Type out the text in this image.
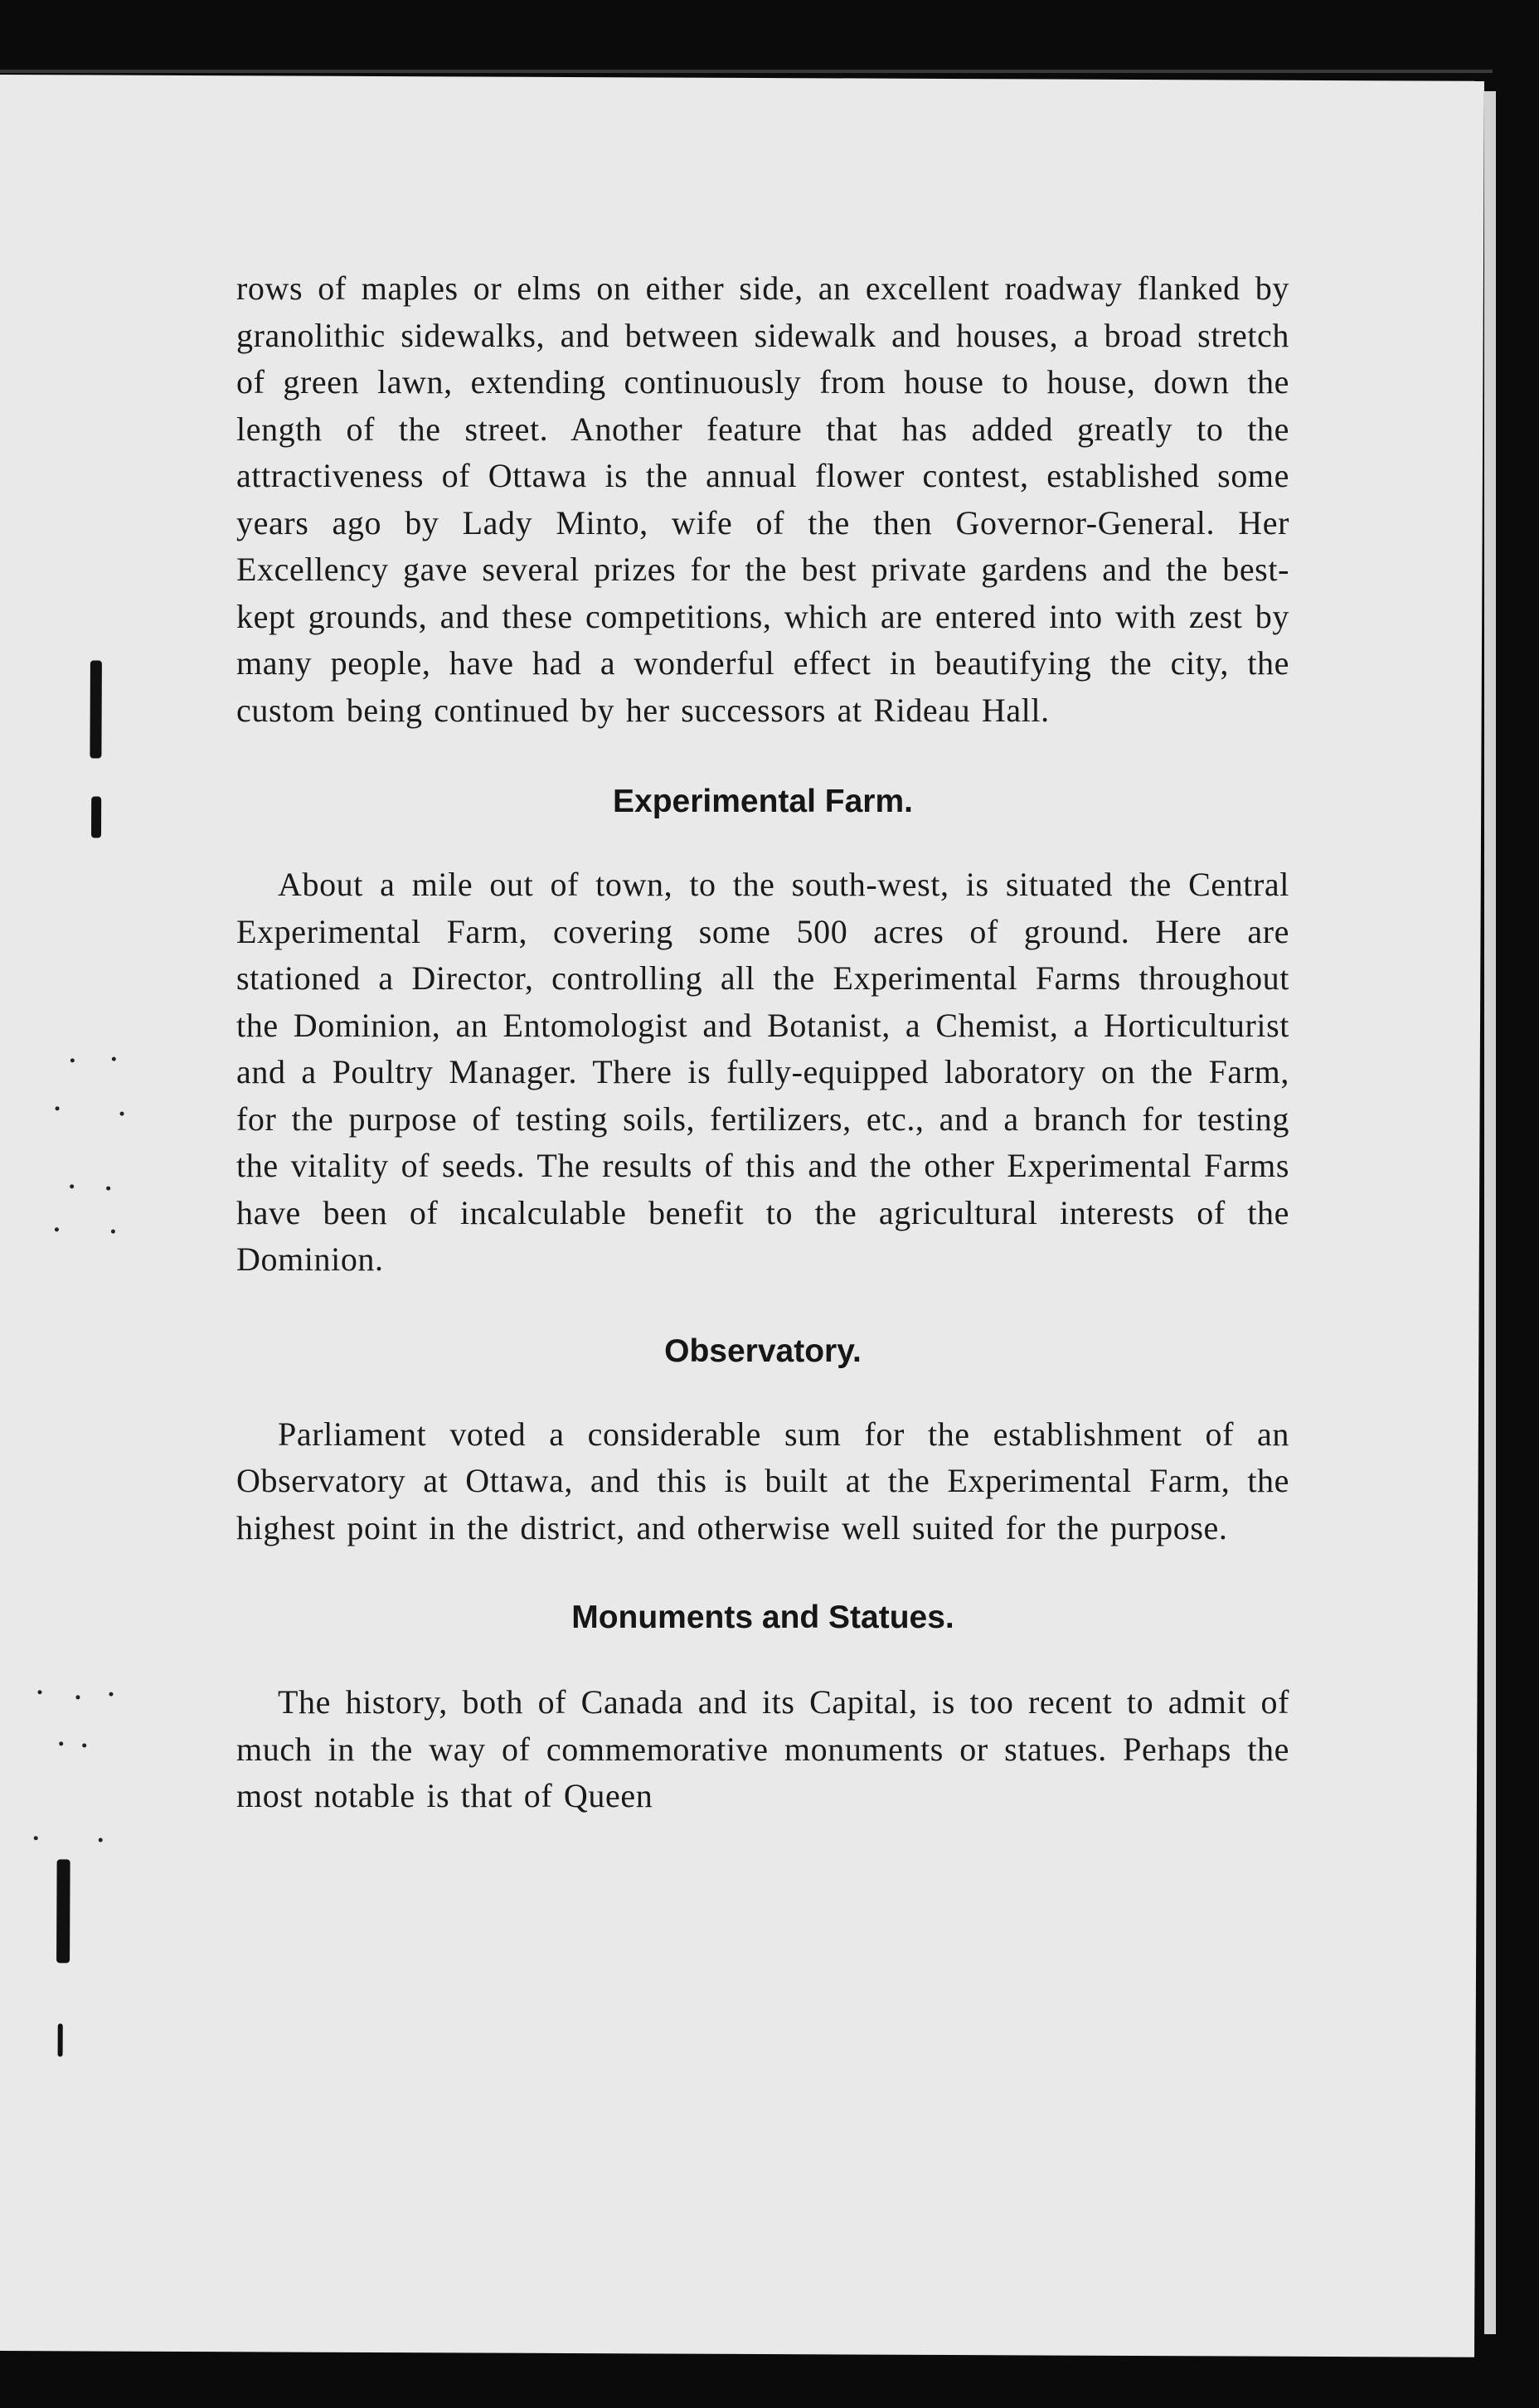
rows of maples or elms on either side, an excellent roadway flanked by granolithic sidewalks, and between sidewalk and houses, a broad stretch of green lawn, extending continuously from house to house, down the length of the street. Another feature that has added greatly to the attractiveness of Ottawa is the annual flower contest, established some years ago by Lady Minto, wife of the then Governor-General. Her Excellency gave several prizes for the best private gardens and the best-kept grounds, and these competitions, which are entered into with zest by many people, have had a wonderful effect in beautifying the city, the custom being continued by her successors at Rideau Hall.

Experimental Farm.

About a mile out of town, to the south-west, is situated the Central Experimental Farm, covering some 500 acres of ground. Here are stationed a Director, controlling all the Experimental Farms throughout the Dominion, an Entomologist and Botanist, a Chemist, a Horticulturist and a Poultry Manager. There is fully-equipped laboratory on the Farm, for the purpose of testing soils, fertilizers, etc., and a branch for testing the vitality of seeds. The results of this and the other Experimental Farms have been of incalculable benefit to the agricultural interests of the Dominion.

Observatory.

Parliament voted a considerable sum for the establishment of an Observatory at Ottawa, and this is built at the Experimental Farm, the highest point in the district, and otherwise well suited for the purpose.

Monuments and Statues.

The history, both of Canada and its Capital, is too recent to admit of much in the way of commemorative monuments or statues. Perhaps the most notable is that of Queen
